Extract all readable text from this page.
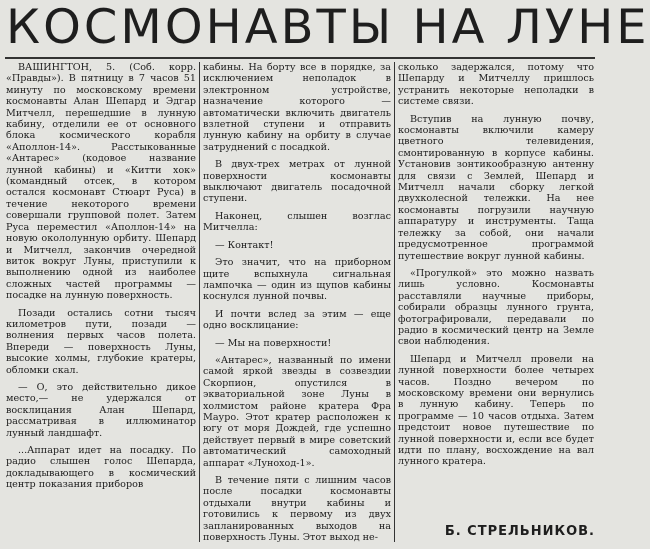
КОСМОНАВТЫ НА ЛУНЕ

ВАШИНГТОН, 5. (Соб. корр. «Правды»). В пятницу в 7 часов 51 минуту по московскому времени космонавты Алан Шепард и Эдгар Митчелл, перешедшие в лунную кабину, отделили ее от основного блока космического корабля «Аполлон-14». Расстыкованные «Антарес» (кодовое название лунной кабины) и «Китти хок» (командный отсек, в котором остался космонавт Стюарт Руса) в течение некоторого времени совершали групповой полет. Затем Руса переместил «Аполлон-14» на новую окололунную орбиту. Шепард и Митчелл, закончив очередной виток вокруг Луны, приступили к выполнению одной из наиболее сложных частей программы — посадке на лунную поверхность.

Позади остались сотни тысяч километров пути, позади — волнения первых часов полета. Впереди — поверхность Луны, высокие холмы, глубокие кратеры, обломки скал.

— О, это действительно дикое место,— не удержался от восклицания Алан Шепард, рассматривая в иллюминатор лунный ландшафт.

...Аппарат идет на посадку. По радио слышен голос Шепарда, докладывающего в космический центр показания приборов

кабины. На борту все в порядке, за исключением неполадок в электронном устройстве, назначение которого — автоматически включить двигатель взлетной ступени и отправить лунную кабину на орбиту в случае затруднений с посадкой.

В двух-трех метрах от лунной поверхности космонавты выключают двигатель посадочной ступени.

Наконец, слышен возглас Митчелла:

— Контакт!

Это значит, что на приборном щите вспыхнула сигнальная лампочка — один из щупов кабины коснулся лунной почвы.

И почти вслед за этим — еще одно восклицание:

— Мы на поверхности!

«Антарес», названный по имени самой яркой звезды в созвездии Скорпион, опустился в экваториальной зоне Луны в холмистом районе кратера Фра Мауро. Этот кратер расположен к югу от моря Дождей, где успешно действует первый в мире советский автоматический самоходный аппарат «Луноход-1».

В течение пяти с лишним часов после посадки космонавты отдыхали внутри кабины и готовились к первому из двух запланированных выходов на поверхность Луны. Этот выход не-

сколько задержался, потому что Шепарду и Митчеллу пришлось устранить некоторые неполадки в системе связи.

Вступив на лунную почву, космонавты включили камеру цветного телевидения, смонтированную в корпусе кабины. Установив зонтикообразную антенну для связи с Землей, Шепард и Митчелл начали сборку легкой двухколесной тележки. На нее космонавты погрузили научную аппаратуру и инструменты. Таща тележку за собой, они начали предусмотренное программой путешествие вокруг лунной кабины.

«Прогулкой» это можно назвать лишь условно. Космонавты расставляли научные приборы, собирали образцы лунного грунта, фотографировали, передавали по радио в космический центр на Земле свои наблюдения.

Шепард и Митчелл провели на лунной поверхности более четырех часов. Поздно вечером по московскому времени они вернулись в лунную кабину. Теперь по программе — 10 часов отдыха. Затем предстоит новое путешествие по лунной поверхности и, если все будет идти по плану, восхождение на вал лунного кратера.

Б. СТРЕЛЬНИКОВ.
